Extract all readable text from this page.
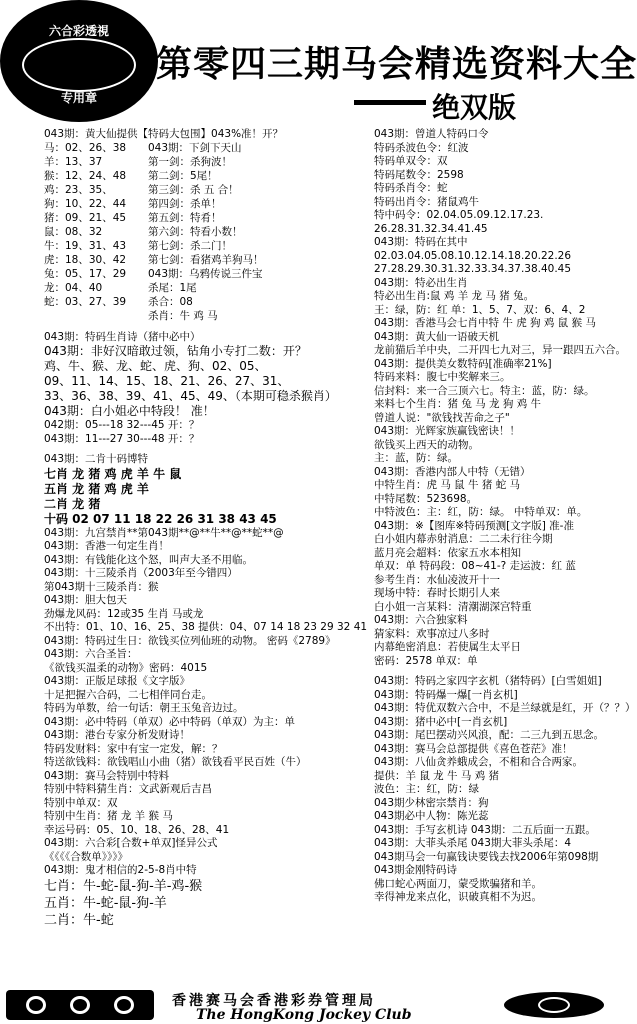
六合彩透視
专用章
第零四三期马会精选资料大全
绝双版
043期：黄大仙提供【特码大包围】043%准！开？
马：02、26、38 043期：下剑下天山
羊：13、37	第一剑：杀狗波！
猴：12、24、48 第二剑：5尾！
鸡：23、35、	第三剑：杀 五 合！
狗：10、22、44 第四剑：杀单！
猪：09、21、45 第五剑：特肴！
鼠：08、32	第六剑：特看小数！
牛：19、31、43 第七剑：杀二门！
虎：18、30、42 第七剑：看猪鸡羊狗马！
兔：05、17、29 043期：乌鸦传说三件宝
龙：04、40	杀尾：1尾
蛇：03、27、39 杀合：08
杀肖：牛 鸡 马
043期：特码生肖诗（猪中必中）
043期：非好汉暗敢过领，钻角小专打二数：开？
鸡、牛、猴、龙、蛇、虎、狗、02、05、
09、11、14、15、18、21、26、27、31、
33、36、38、39、41、45、49、（本期可稳杀猴肖）
043期：白小姐必中特段！ 准！
042期：05---18 32---45 开：？
043期：11---27 30---48 开：？
043期：二肯十码博特
七肖 龙 猪 鸡 虎 羊 牛 鼠
五肖 龙 猪 鸡 虎 羊
二肖 龙 猪
十码 02 07 11 18 22 26 31 38 43 45
043期：九宫禁肖**第043期**@**牛**@**蛇**@
043期：香港一句定生肖！
043期：有钱能化这个怒，叫声大圣不用临。
043期：十三陵杀肖（2003年至今错四）
第043期十三陵杀肖：猴
043期：胆大包天
劲爆龙风码：12或35 生肖 马或龙
不出特：01、10、16、25、38 提供：04、07 14 18 23 29 32 41
043期：特码过生日：欲钱买位列仙班的动物。 密码《2789》
043期：六合圣旨：
《欲钱买温柔的动物》密码：4015
043期：正版足球报《文字版》
十足把握六合码，二七相伴同台走。
特码为单数，给一句话：朝王玉兔音边过。
043期：必中特码（单双）必中特码（单双）为主：单
043期：港台专家分析发财诗！
特码发财料：家中有宝一定发，解：？
特送欲钱料：欲钱唱山小曲（猪）欲钱看平民百姓（牛）
043期：赛马会特别中特料
特别中特料猜生肖：文武新观后吉昌
特别中单双：双
特别中生肖：猪 龙 羊 猴 马
幸运号码：05、10、18、26、28、41
043期：六合彩[合数+单双]怪异公式
《《《《合数单》》》》
043期：鬼才相信的2-5-8肖中特
七肖：牛-蛇-鼠-狗-羊-鸡-猴
五肖：牛-蛇-鼠-狗-羊
二肖：牛-蛇
043期：曾道人特码口令
特码杀波色令：红波
特码单双令：双
特码尾数令：2598
特码杀肖令：蛇
特码出肖令：猪鼠鸡牛
特中码令：02.04.05.09.12.17.23.
26.28.31.32.34.41.45
043期：特码在其中
02.03.04.05.08.10.12.14.18.20.22.26
27.28.29.30.31.32.33.34.37.38.40.45
043期：特必出生肖
特必出生肖:鼠 鸡 羊 龙 马 猪 兔。
王：绿，防：红 单：1、5、7、双：6、4、2
043期：香港马会七肖中特 牛 虎 狗 鸡 鼠 猴 马
043期：黄大仙一语破天机
龙前猫后羊中央，二开四七九对三，异一跟四五六合。
043期：提供美女数特码[准确率21%]
特码来料：腹七中奖解来三。
信封料：来一合三顶六七。特主：蓝，防：绿。
来料七个生肖：猪 兔 马 龙 狗 鸡 牛
曾道人说："欲钱找苦命之子"
043期：光辉家族赢钱密诀！！
欲钱买上西天的动物。
主：蓝，防：绿。
043期：香港内部人中特（无错）
中特生肖：虎 马 鼠 牛 猪 蛇 马
中特尾数：523698。
中特波色：主：红，防：绿。 中特单双：单。
043期：※【图库※特码预测[文字版] 准-准
白小姐内幕赤射消息：二二未行往今期
蓝月亮会超料：依家五水本相知
单双：单 特码段：08~41-? 走运波：红 蓝
参考生肖：水仙凌波开十一
现场中特：春时长期引人来
白小姐一言某料：清潮湖深宫特重
043期：六合独家料
猜家料：欢事凉过八多时
内幕绝密消息：若使属生太平日
密码：2578 单双：单
043期：特码之家四字玄机（猪特码）[白雪姐姐]
043期：特码爆一爆[一肖玄机]
043期：特优双数六合中，不是兰绿就是红，开（？？）
043期：猪中必中[一肖玄机]
043期：尾巴摆动兴风浪，配：二三九到五思念。
043期：赛马会总部提供《喜色苍茫》准！
043期：八仙贪养蛾成会，不相和合合两家。
提供：羊 鼠 龙 牛 马 鸡 猪
波色：主：红，防：绿
043期少林密宗禁肖：狗
043期必中人物：陈光蕊
043期：手写玄机诗 043期：二五后面一五跟。
043期：大菲头杀尾 043期大菲头杀尾：4
043期马会一句赢钱诀要钱去找2006年第098期
043期金刚特码诗
佛口蛇心两面刀，蒙受欺骗猪和羊。
幸得神龙来点化，识破真相不为迟。
香港赛马会香港彩券管理局
The HongKong Jockey Club
